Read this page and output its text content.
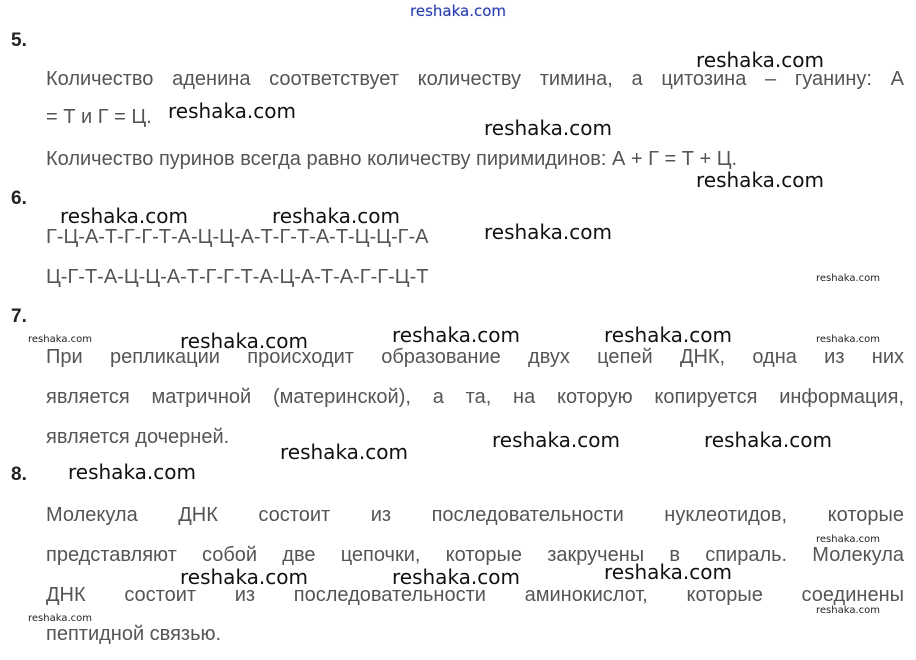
reshaka.com
5.
Количество аденина соответствует количеству тимина, а цитозина – гуанину: А
= Т и Г = Ц.
Количество пуринов всегда равно количеству пиримидинов: А + Г = Т + Ц.
6.
Г-Ц-А-Т-Г-Г-Т-А-Ц-Ц-А-Т-Г-Т-А-Т-Ц-Ц-Г-А
Ц-Г-Т-А-Ц-Ц-А-Т-Г-Г-Т-А-Ц-А-Т-А-Г-Г-Ц-Т
7.
При репликации происходит образование двух цепей ДНК, одна из них
является матричной (материнской), а та, на которую копируется информация,
является дочерней.
8.
Молекула ДНК состоит из последовательности нуклеотидов, которые
представляют собой две цепочки, которые закручены в спираль. Молекула
ДНК состоит из последовательности аминокислот, которые соединены
пептидной связью.
reshaka.com
reshaka.com
reshaka.com
reshaka.com
reshaka.com	reshaka.com
reshaka.com
reshaka.com	reshaka.com	reshaka.com
reshaka.com	reshaka.com
reshaka.com
reshaka.com
reshaka.com
reshaka.com	reshaka.com
reshaka.com
reshaka.com	reshaka.com
reshaka.com
reshaka.com
reshaka.com
